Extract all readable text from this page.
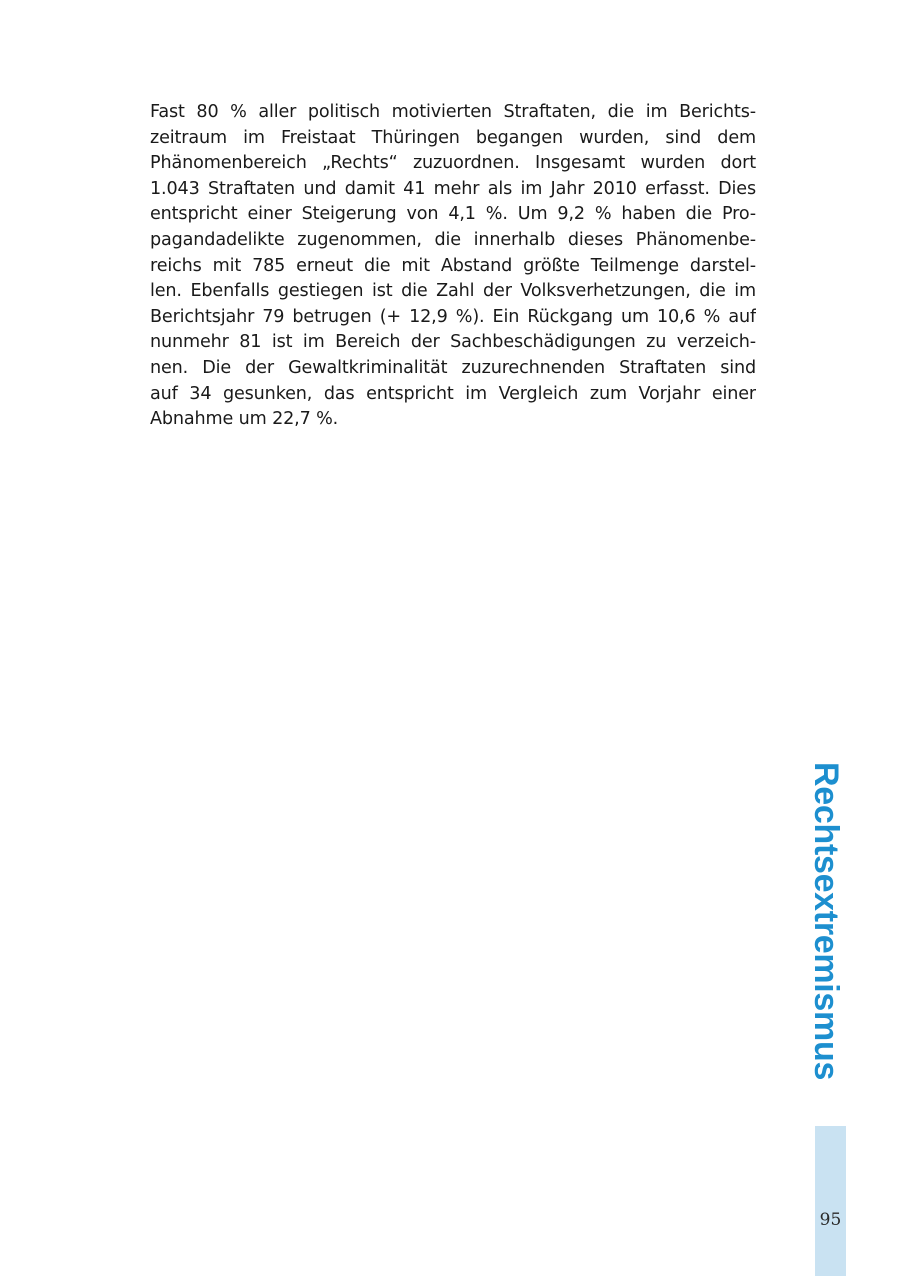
Fast 80 % aller politisch motivierten Straftaten, die im Berichts-
zeitraum im Freistaat Thüringen begangen wurden, sind dem
Phänomenbereich „Rechts“ zuzuordnen. Insgesamt wurden dort
1.043 Straftaten und damit 41 mehr als im Jahr 2010 erfasst. Dies
entspricht einer Steigerung von 4,1 %. Um 9,2 % haben die Pro-
pagandadelikte zugenommen, die innerhalb dieses Phänomenbe-
reichs mit 785 erneut die mit Abstand größte Teilmenge darstel-
len. Ebenfalls gestiegen ist die Zahl der Volksverhetzungen, die im
Berichtsjahr 79 betrugen (+ 12,9 %). Ein Rückgang um 10,6 % auf
nunmehr 81 ist im Bereich der Sachbeschädigungen zu verzeich-
nen. Die der Gewaltkriminalität zuzurechnenden Straftaten sind
auf 34 gesunken, das entspricht im Vergleich zum Vorjahr einer
Abnahme um 22,7 %.

Rechtsextremismus
95
